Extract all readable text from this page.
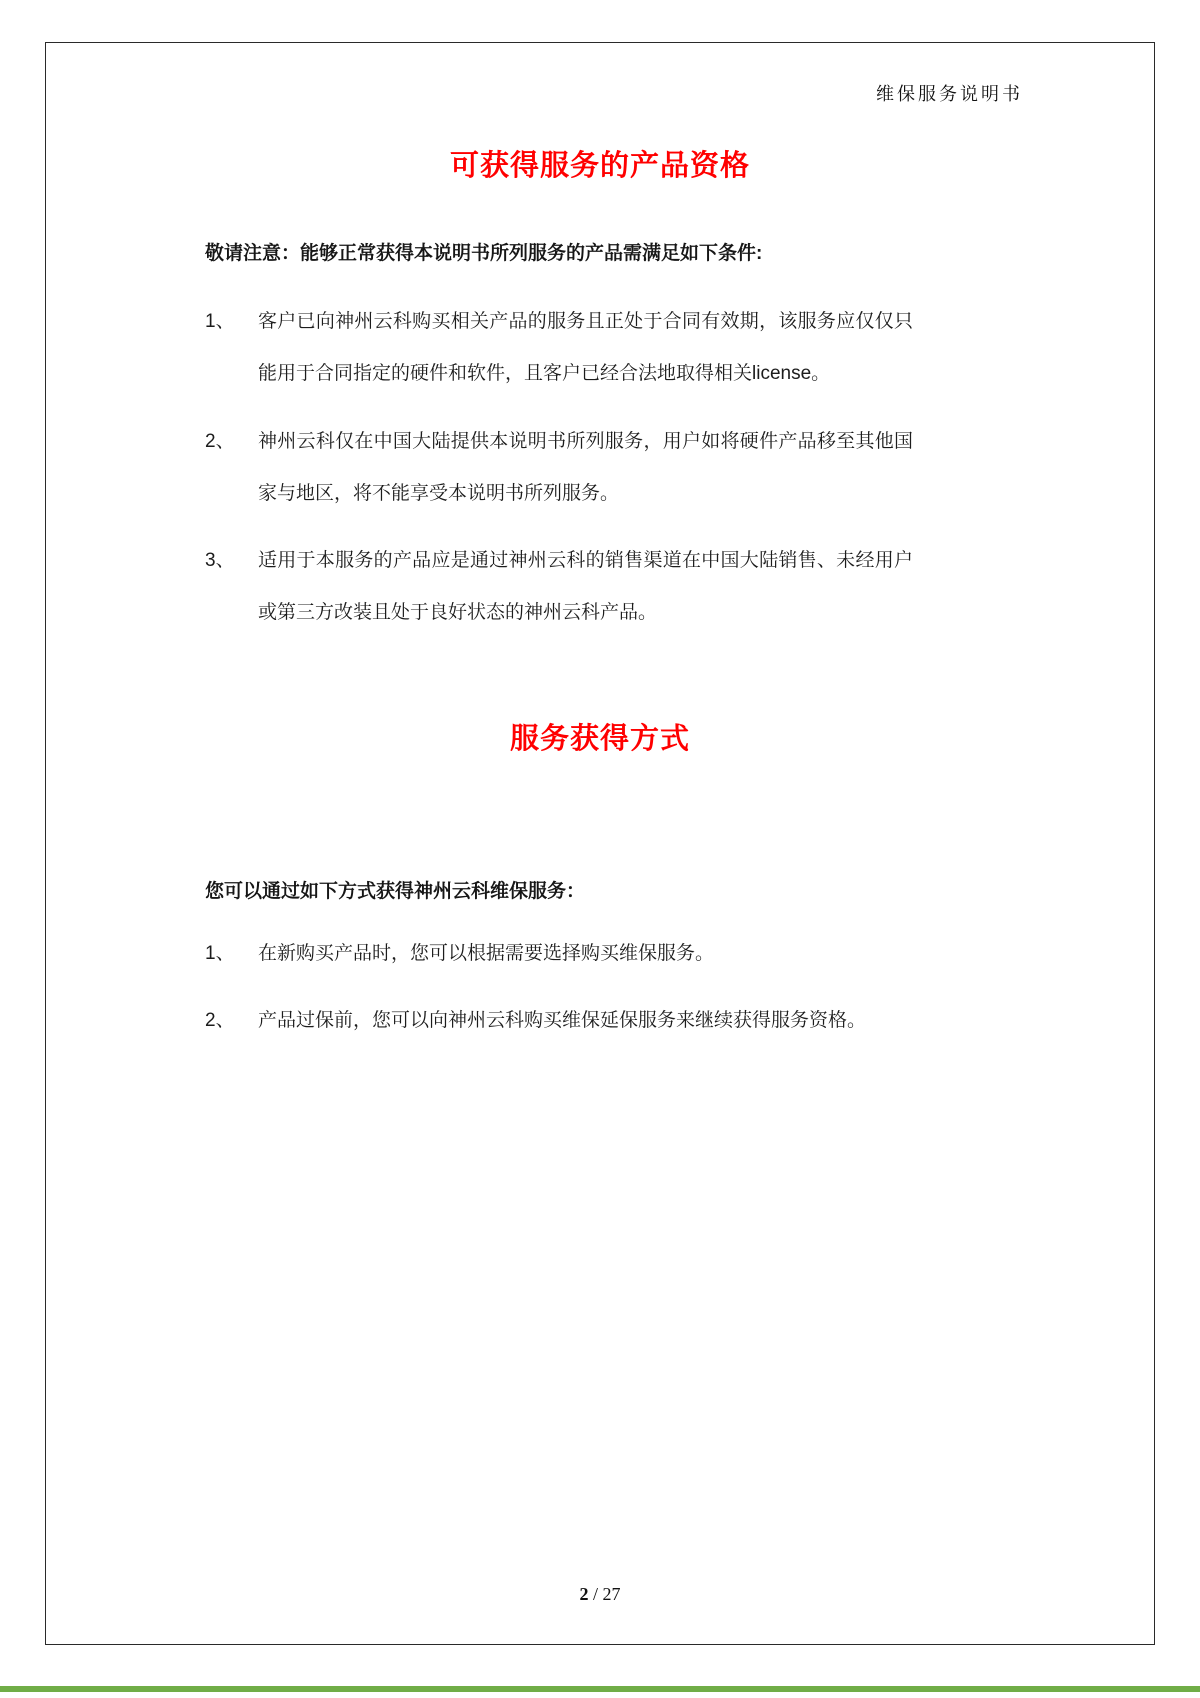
维保服务说明书
可获得服务的产品资格
敬请注意：能够正常获得本说明书所列服务的产品需满足如下条件:
1、	客户已向神州云科购买相关产品的服务且正处于合同有效期，该服务应仅仅只能用于合同指定的硬件和软件，且客户已经合法地取得相关license。
2、	神州云科仅在中国大陆提供本说明书所列服务，用户如将硬件产品移至其他国家与地区，将不能享受本说明书所列服务。
3、	适用于本服务的产品应是通过神州云科的销售渠道在中国大陆销售、未经用户或第三方改装且处于良好状态的神州云科产品。
服务获得方式
您可以通过如下方式获得神州云科维保服务：
1、	在新购买产品时，您可以根据需要选择购买维保服务。
2、	产品过保前，您可以向神州云科购买维保延保服务来继续获得服务资格。
2 / 27
